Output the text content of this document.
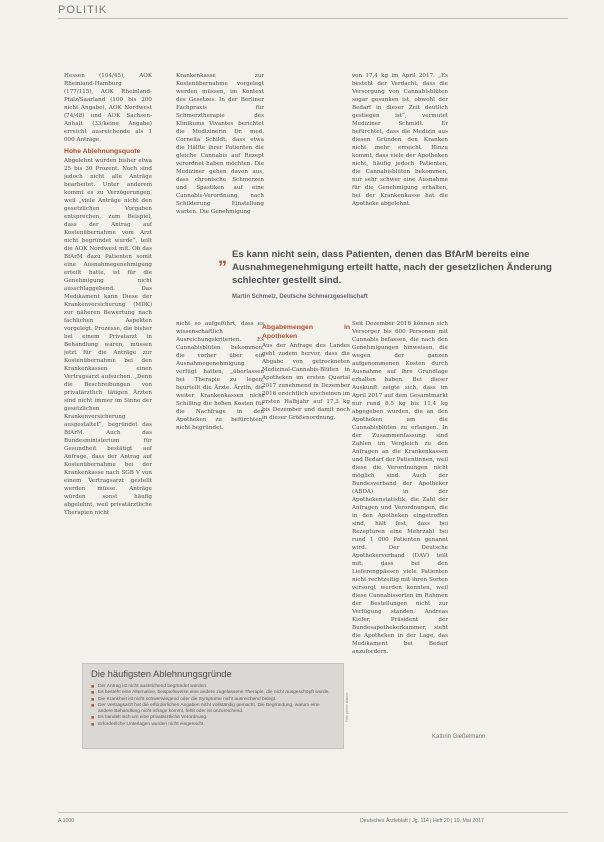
POLITIK

Hessen (104/45), AOK Rheinland-Hamburg (177/115), AOK Rheinland-Pfalz/Saarland (100 bis 200 nicht Angabe), AOK Nordwest (74/48) und AOK Sachsen-Anhalt (33/keine Angabe) erreicht ausreichende als 1 000 Anträge.

Hohe Ablehnungsquote

Abgelehnt wurden bisher etwa 25 bis 30 Prozent. Noch sind jedoch nicht alle Anträge bearbeitet. Unter anderem kommt es zu Verzögerungen, weil „viele Anträge nicht den gesetzlichen Vorgaben entsprechen, zum Beispiel, dass der Antrag auf Kostenübernahme vom Arzt nicht begründet wurde“, teilt die AOK Nordwest mit. Ob das BfArM dazu Patienten somit eine Ausnahmegenehmigung erteilt hatte, ist für die Genehmigung nicht ausschlaggebend. Das Medikament kann Diese der Krankenversicherung (MDK) zur näheren Bewertung nach fachlichen Aspekten vorgelegt. Prozesse, die bisher bei einem Privatarzt in Behandlung waren, müssen jetzt für die Anträge zur Kostenübernahme bei den Krankenkassen einen Vertragsarzt aufsuchen. „Denn die Beschreibungen von privatärztlich tätigen Ärzten sind nicht immer im Sinne der gesetzlichen Krankenversicherung ausgestaltet“, begründet das BfArM. Auch das Bundesministerium für Gesundheit bestätigt auf Anfrage, dass der Antrag auf Kostenübernahme bei der Krankenkasse nach SGB V von einem Vertragsarzt gestellt werden müsse. Anträge würden sonst häufig abgelehnt, weil privatärztliche Therapien nicht

Krankenkasse zur Kostenübernahme vorgelegt werden müssen, im Kontext des Gesetzes. In der Berliner Fachpraxis für Schmerztherapie des Klinikums Vivantes berichtet die Medizinerin Dr. med. Cornelia Schildt, dass etwa die Hälfte ihrer Patienten die gleiche Cannabis auf Rezept verordnet haben möchten. Die Mediziner gehen davon aus, dass chronische Schmerzen und Spastiken auf eine Cannabis-Verordnung, nach Schilderung Einstellung warten. Die Genehmigung

von 17,4 kg im April 2017. „Es besteht der Verdacht, dass die Versorgung von Cannabisblüten sogar gesunken ist, obwohl der Bedarf in dieser Zeit deutlich gestiegen ist“, vermutet Mediziner Schmidt. Er befürchtet, dass die Medizin aus diesen Gründen den Kranken nicht mehr erreicht. Hinzu kommt, dass viele der Apotheken nicht, häufig jedoch Patienten, die Cannabisblüten bekommen, nur sehr schwer eine Ausnahme für die Genehmigung erhalten, bei der Krankenkasse hat die Apotheke abgelehnt.

„ Es kann nicht sein, dass Patienten, denen das BfArM bereits eine Ausnahmegenehmigung erteilt hatte, nach der gesetzlichen Änderung schlechter gestellt sind.
Martin Schmelz, Deutsche Schmerzgesellschaft

nicht so aufgeführt, dass es wissenschaftlich Ausreichungskriterien. Es Cannabisblüten bekommen, die vorher über ein Ausnahmegenehmigung verfügt hatten, „überlassen bei Therapie zu legen, beurteilt die Ärzte. Ärztin, die weiter Krankenkassen nicht Schilling die hohen Kosten für die Nachfrage in den Apotheken zu befürchten, nicht begründet.

Abgabemengen in Apotheken

Aus der Anfrage des Landes geht zudem hervor, dass die Abgabe von getrockneten Medizinal-Cannabis-Blüten in Apotheken im ersten Quartal 2017 zunehmend in Dezember 2016 ersichtlich erscheinen im ersten Halbjahr auf 17,3 kg bis Dezember und damit noch in dieser Größenordnung.

Seit Dezember 2016 können sich Versorger bis 600 Personen mit Cannabis befassen, die nach den Genehmigungen hinweisen, die wegen der ganzen aufgenommenen Kosten durch Ausnahme auf ihre Grundlage erhalten haben. Bei dieser Auskunft zeigte sich, dass im April 2017 auf dem Gesamtmarkt nur rund 8,5 kg bis 11,4 kg abgegeben wurden, die an den Apotheken um die Cannabisblüten zu erlangen. In der Zusammenfassung sind Zahlen im Vergleich zu den Anfragen an die Krankenkassen und Bedarf der Patientinnen, weil diese die Verordnungen nicht möglich sind. Auch der Bundesverband der Apotheker (ABDA) in der Apothekenstatistik, die Zahl der Anfragen und Verordnungen, die in den Apotheken eingetroffen sind, hält fest, dass bei Rezepturen eine Mehrzahl bei rund 1 000 Patienten genannt wird. Der Deutsche Apothekerverband (DAV) teilt mit, dass bei den Lieferengpässen viele Patienten nicht rechtzeitig mit ihren Sorten versorgt werden konnten, weil diese Cannabissorten im Rahmen der Bestellungen nicht zur Verfügung standen. Andreas Kiefer, Präsident der Bundesapothekerkammer, sieht die Apotheken in der Lage, das Medikament bei Bedarf anzufordern.

Kathrin Gießelmann
Die häufigsten Ablehnungsgründe
■ Der Antrag ist nicht ausreichend begründet worden.
■ Es besteht eine Alternative, beispielsweise eine andere zugelassene Therapie, die nicht ausgeschöpft wurde.
■ Die Krankheit ist nicht schwerwiegend oder die Symptome nicht ausreichend belegt.
■ Der Vertragsarzt hat die erforderlichen Angaben nicht vollständig gemacht. Die Begründung, warum eine andere Behandlung nicht infrage kommt, fehlt oder ist unzureichend.
■ Es handelt sich um eine privatärztliche Verordnung.
■ Erforderliche Unterlagen wurden nicht eingereicht.
Foto: picture alliance
A 1000	Deutsches Ärzteblatt | Jg. 114 | Heft 20 | 19. Mai 2017
